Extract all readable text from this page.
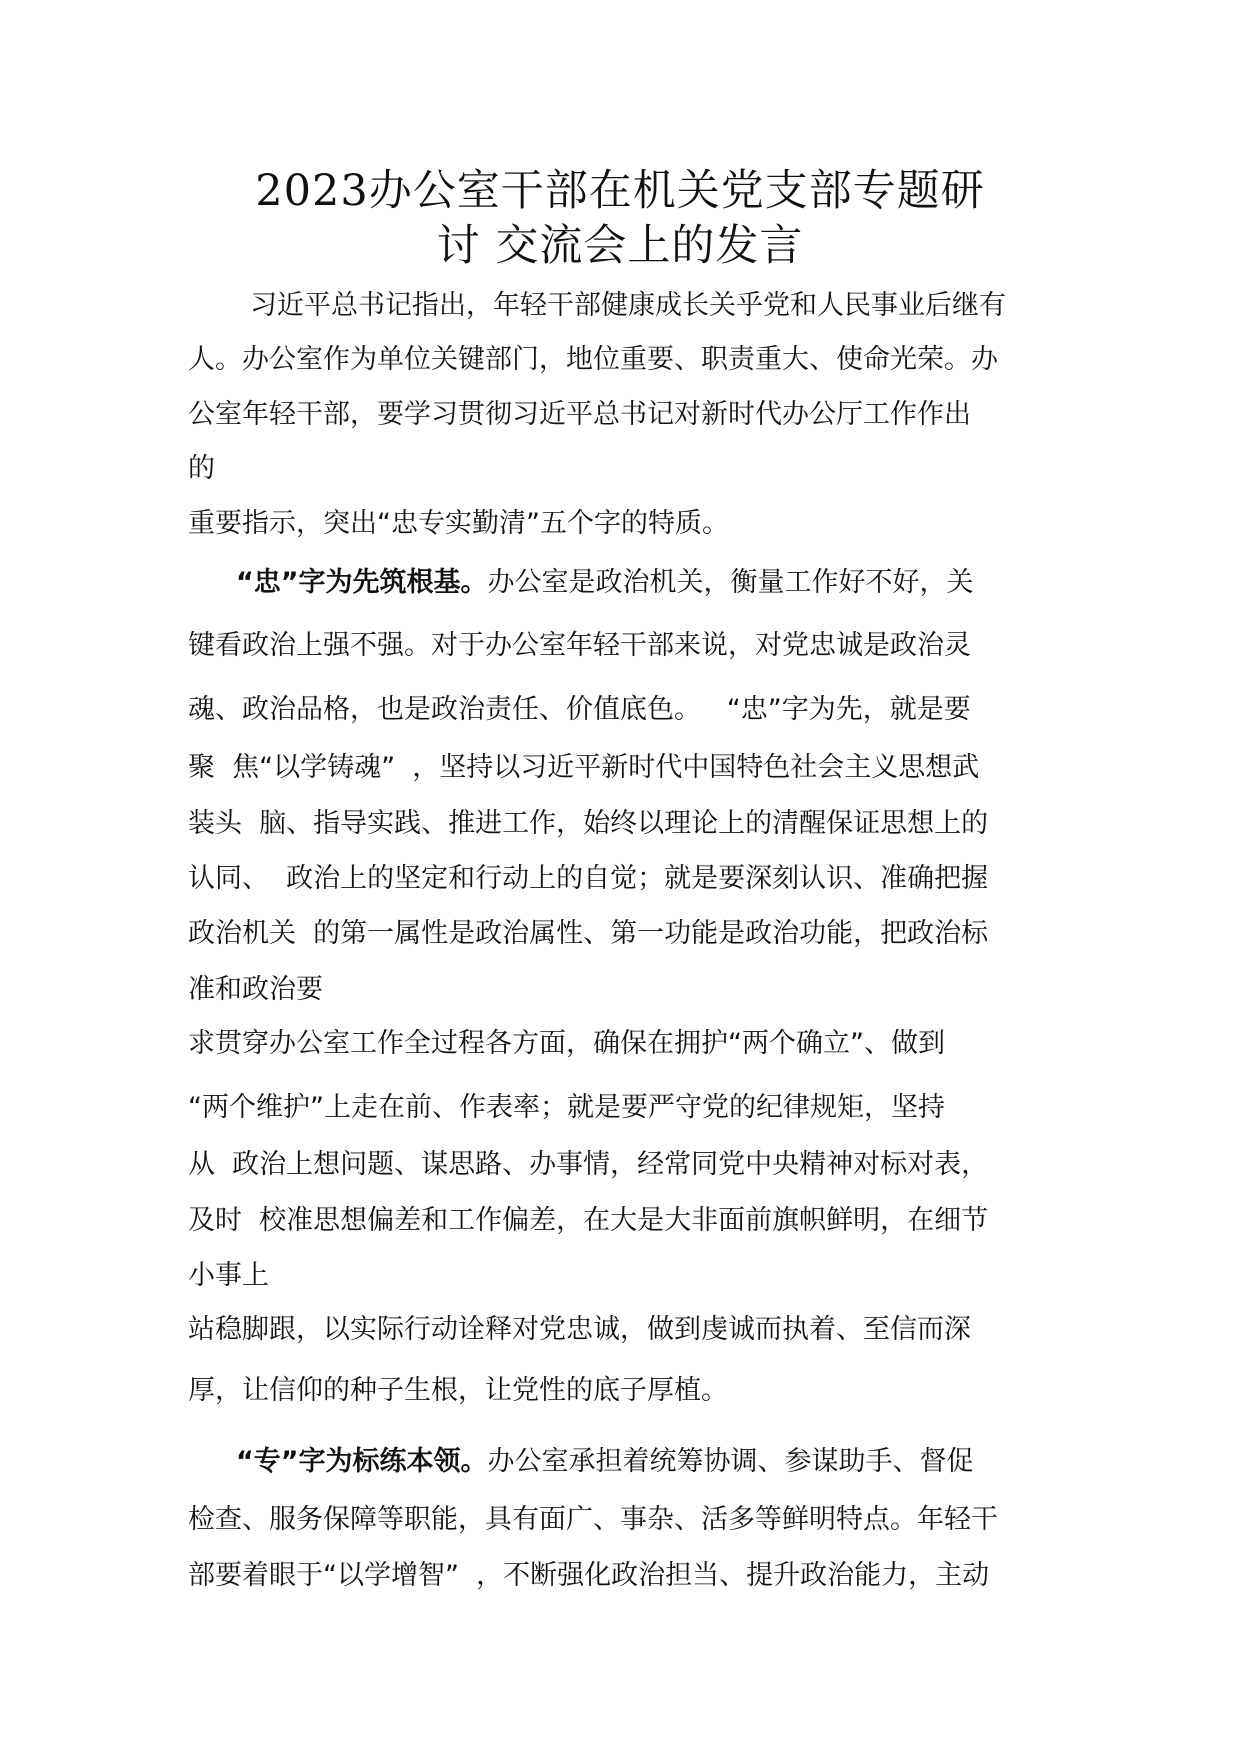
2023办公室干部在机关党支部专题研
讨 交流会上的发言
习近平总书记指出，年轻干部健康成长关乎党和人民事业后继有
人。办公室作为单位关键部门，地位重要、职责重大、使命光荣。办
公室年轻干部，要学习贯彻习近平总书记对新时代办公厅工作作出
的
重要指示，突出“忠专实勤清”五个字的特质。
“忠”字为先筑根基。办公室是政治机关，衡量工作好不好，关
键看政治上强不强。对于办公室年轻干部来说，对党忠诚是政治灵
魂、政治品格，也是政治责任、价值底色。   “忠”字为先，就是要
聚  焦“以学铸魂”  ，坚持以习近平新时代中国特色社会主义思想武
装头  脑、指导实践、推进工作，始终以理论上的清醒保证思想上的
认同、  政治上的坚定和行动上的自觉；就是要深刻认识、准确把握
政治机关  的第一属性是政治属性、第一功能是政治功能，把政治标
准和政治要
求贯穿办公室工作全过程各方面，确保在拥护“两个确立”、做到
“两个维护”上走在前、作表率；就是要严守党的纪律规矩，坚持
从  政治上想问题、谋思路、办事情，经常同党中央精神对标对表，
及时  校准思想偏差和工作偏差，在大是大非面前旗帜鲜明，在细节
小事上
站稳脚跟，以实际行动诠释对党忠诚，做到虔诚而执着、至信而深
厚，让信仰的种子生根，让党性的底子厚植。
“专”字为标练本领。办公室承担着统筹协调、参谋助手、督促
检查、服务保障等职能，具有面广、事杂、活多等鲜明特点。年轻干
部要着眼于“以学增智”  ，不断强化政治担当、提升政治能力，主动
